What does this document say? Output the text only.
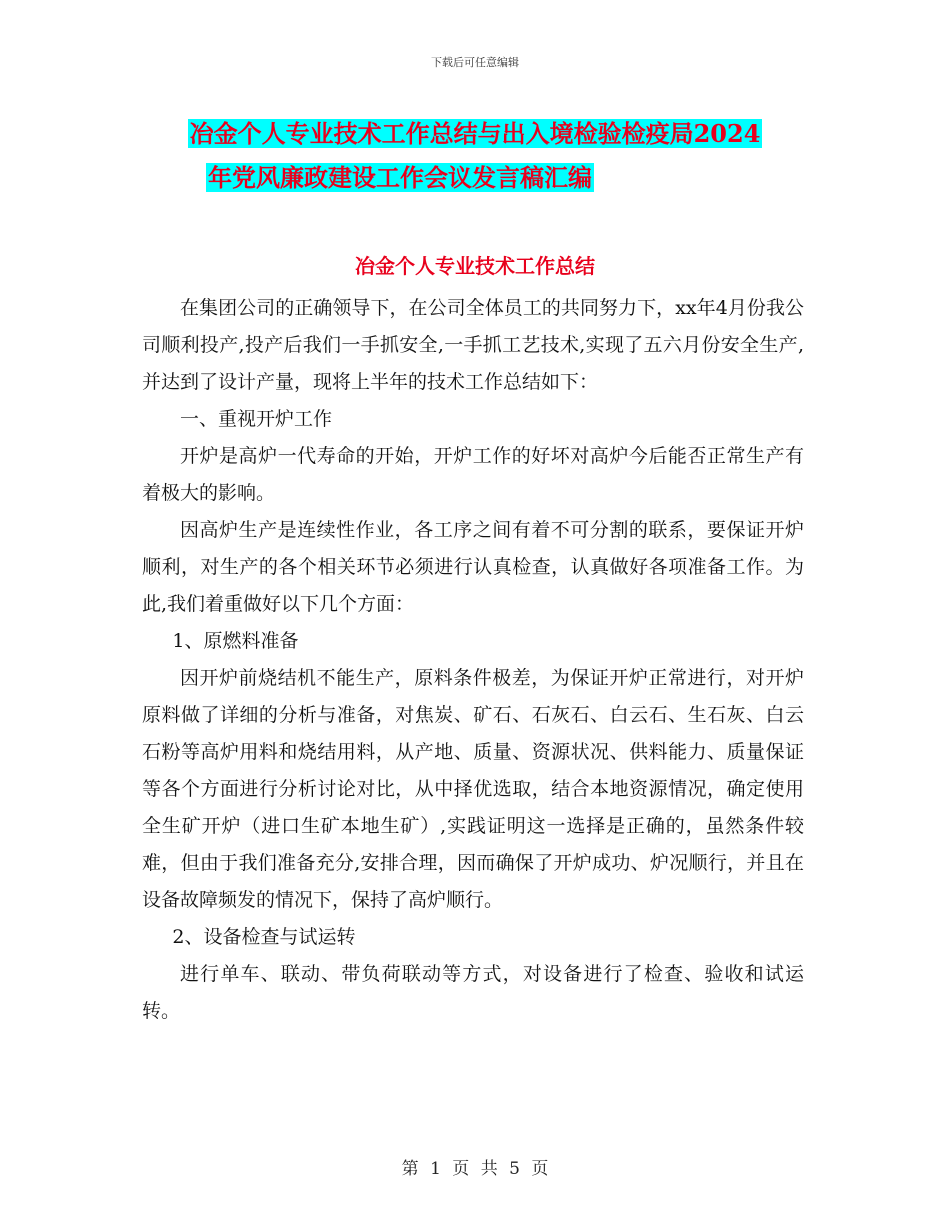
下载后可任意编辑
冶金个人专业技术工作总结与出入境检验检疫局2024
年党风廉政建设工作会议发言稿汇编
冶金个人专业技术工作总结

在集团公司的正确领导下，在公司全体员工的共同努力下，xx年4月份我公司顺利投产,投产后我们一手抓安全,一手抓工艺技术,实现了五六月份安全生产,并达到了设计产量，现将上半年的技术工作总结如下：

一、重视开炉工作

开炉是高炉一代寿命的开始，开炉工作的好坏对高炉今后能否正常生产有着极大的影响。

因高炉生产是连续性作业，各工序之间有着不可分割的联系，要保证开炉顺利，对生产的各个相关环节必须进行认真检查，认真做好各项准备工作。为此,我们着重做好以下几个方面：

1、原燃料准备

因开炉前烧结机不能生产，原料条件极差，为保证开炉正常进行，对开炉原料做了详细的分析与准备，对焦炭、矿石、石灰石、白云石、生石灰、白云石粉等高炉用料和烧结用料，从产地、质量、资源状况、供料能力、质量保证等各个方面进行分析讨论对比，从中择优选取，结合本地资源情况，确定使用全生矿开炉（进口生矿本地生矿）,实践证明这一选择是正确的，虽然条件较难，但由于我们准备充分,安排合理，因而确保了开炉成功、炉况顺行，并且在设备故障频发的情况下，保持了高炉顺行。

2、设备检查与试运转

进行单车、联动、带负荷联动等方式，对设备进行了检查、验收和试运转。

第 1 页 共 5 页
